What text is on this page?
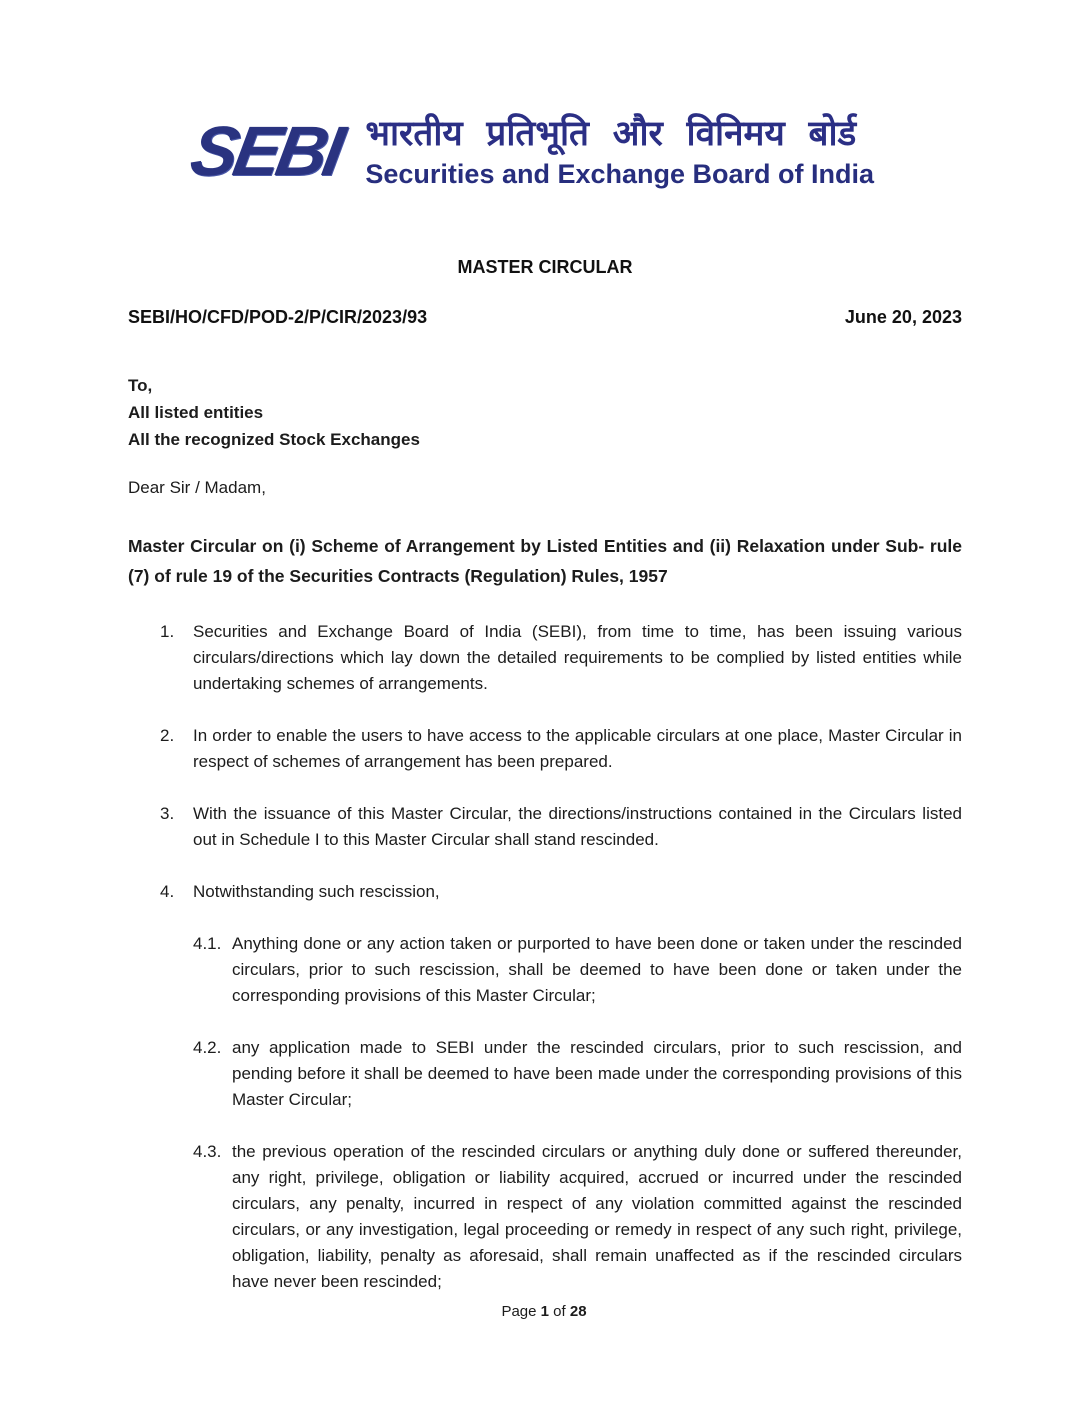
SEBI भारतीय प्रतिभूति और विनिमय बोर्ड
Securities and Exchange Board of India
MASTER CIRCULAR
SEBI/HO/CFD/POD-2/P/CIR/2023/93	June 20, 2023
To,
All listed entities
All the recognized Stock Exchanges

Dear Sir / Madam,

Master Circular on (i) Scheme of Arrangement by Listed Entities and (ii) Relaxation under Sub- rule (7) of rule 19 of the Securities Contracts (Regulation) Rules, 1957

1.	Securities and Exchange Board of India (SEBI), from time to time, has been issuing various circulars/directions which lay down the detailed requirements to be complied by listed entities while undertaking schemes of arrangements.
2.	In order to enable the users to have access to the applicable circulars at one place, Master Circular in respect of schemes of arrangement has been prepared.
3.	With the issuance of this Master Circular, the directions/instructions contained in the Circulars listed out in Schedule I to this Master Circular shall stand rescinded.
4.	Notwithstanding such rescission,
4.1. Anything done or any action taken or purported to have been done or taken under the rescinded circulars, prior to such rescission, shall be deemed to have been done or taken under the corresponding provisions of this Master Circular;
4.2. any application made to SEBI under the rescinded circulars, prior to such rescission, and pending before it shall be deemed to have been made under the corresponding provisions of this Master Circular;
4.3. the previous operation of the rescinded circulars or anything duly done or suffered thereunder, any right, privilege, obligation or liability acquired, accrued or incurred under the rescinded circulars, any penalty, incurred in respect of any violation committed against the rescinded circulars, or any investigation, legal proceeding or remedy in respect of any such right, privilege, obligation, liability, penalty as aforesaid, shall remain unaffected as if the rescinded circulars have never been rescinded;
Page 1 of 28
